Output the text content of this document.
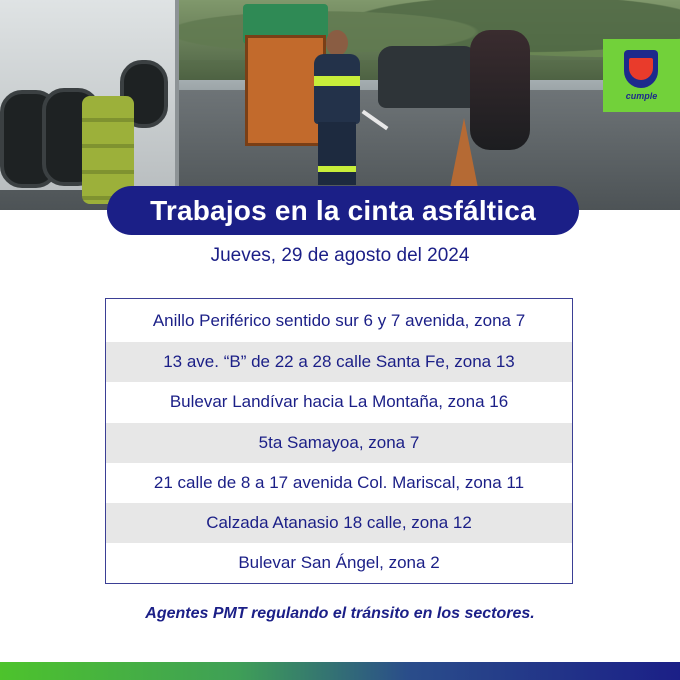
cumple
Trabajos en la cinta asfáltica
Jueves, 29 de agosto del 2024
Anillo Periférico sentido sur 6 y 7 avenida, zona 7
13 ave. “B” de 22 a 28 calle Santa Fe, zona 13
Bulevar Landívar hacia La Montaña, zona 16
5ta Samayoa, zona 7
21 calle de 8 a 17 avenida Col. Mariscal, zona 11
Calzada Atanasio 18 calle, zona 12
Bulevar San Ángel, zona 2
Agentes PMT regulando el tránsito en los sectores.
